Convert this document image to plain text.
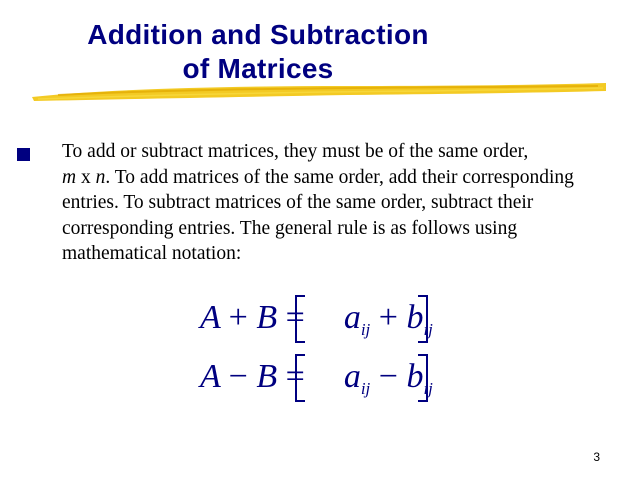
Addition and Subtraction
of Matrices
To add or subtract matrices, they must be of the same order,
m x n. To add matrices of the same order, add their corresponding entries. To subtract matrices of the same order, subtract their corresponding entries. The general rule is as follows using mathematical notation:
$A + B = a_{ij} + b_{ij}$
$A - B = a_{ij} - b_{ij}$
3
